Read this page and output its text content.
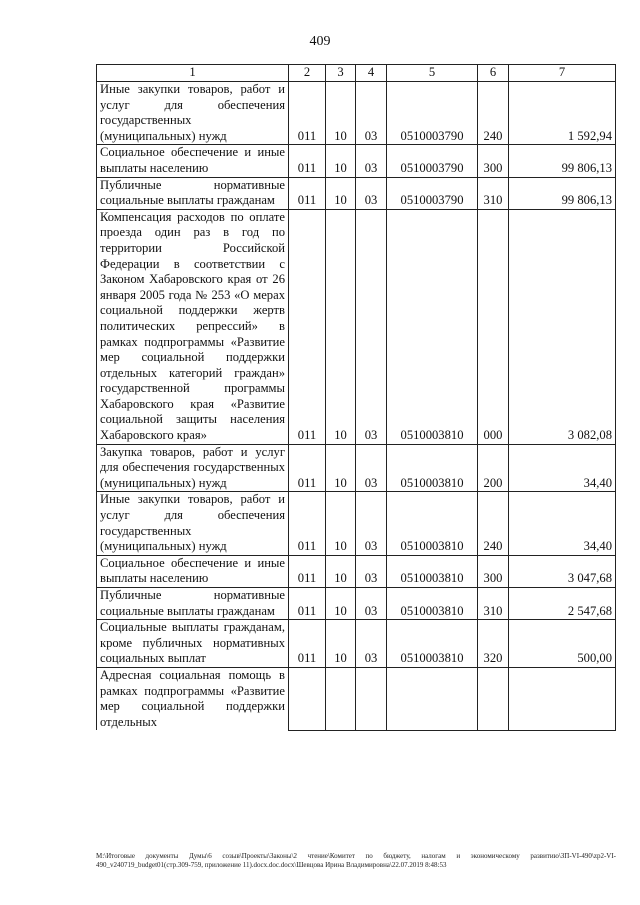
409
1	2	3	4	5	6	7
Иные закупки товаров, работ и услуг для обеспечения государственных (муниципальных) нужд	011	10	03	0510003790	240	1 592,94
Социальное обеспечение и иные выплаты населению	011	10	03	0510003790	300	99 806,13
Публичные нормативные социальные выплаты гражданам	011	10	03	0510003790	310	99 806,13
Компенсация расходов по оплате проезда один раз в год по территории Российской Федерации в соответствии с Законом Хабаровского края от 26 января 2005 года № 253 «О мерах социальной поддержки жертв политических репрессий» в рамках подпрограммы «Развитие мер социальной поддержки отдельных категорий граждан» государственной программы Хабаровского края «Развитие социальной защиты населения Хабаровского края»	011	10	03	0510003810	000	3 082,08
Закупка товаров, работ и услуг для обеспечения государственных (муниципальных) нужд	011	10	03	0510003810	200	34,40
Иные закупки товаров, работ и услуг для обеспечения государственных (муниципальных) нужд	011	10	03	0510003810	240	34,40
Социальное обеспечение и иные выплаты населению	011	10	03	0510003810	300	3 047,68
Публичные нормативные социальные выплаты гражданам	011	10	03	0510003810	310	2 547,68
Социальные выплаты гражданам, кроме публичных нормативных социальных выплат	011	10	03	0510003810	320	500,00
Адресная социальная помощь в рамках подпрограммы «Развитие мер социальной поддержки отдельных						
M:\Итоговые документы Думы\6 созыв\Проекты\Законы\2 чтение\Комитет по бюджету, налогам и экономическому развитию\ЗП-VI-490\zp2-VI-490_v240719_budget01(стр.309-759, приложение 11).docx.doc.docx\Шевцова Ирина Владимировна\22.07.2019 8:48:53
